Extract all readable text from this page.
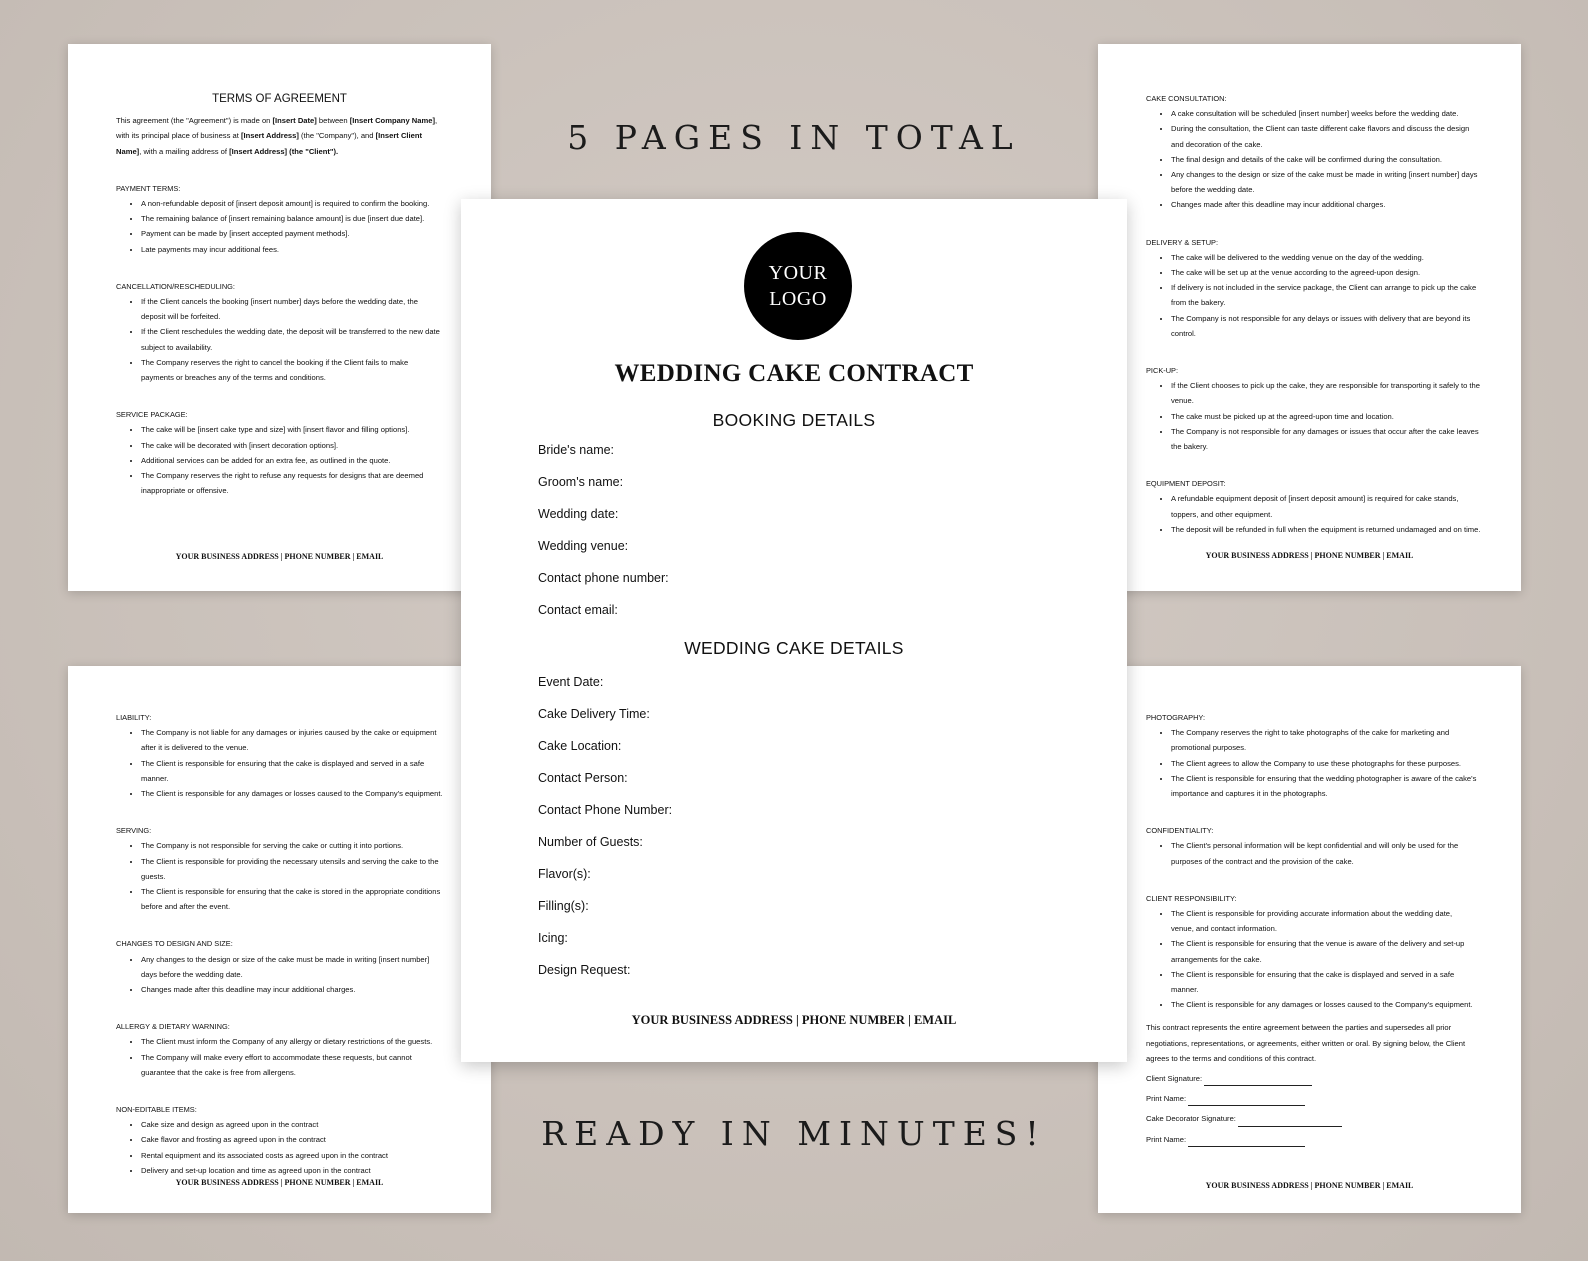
5 PAGES IN TOTAL
READY IN MINUTES!
TERMS OF AGREEMENT
This agreement (the "Agreement") is made on [Insert Date] between [Insert Company Name], with its principal place of business at [Insert Address] (the "Company"), and [Insert Client Name], with a mailing address of [Insert Address] (the "Client").
PAYMENT TERMS:
• A non-refundable deposit of [insert deposit amount] is required to confirm the booking.
• The remaining balance of [insert remaining balance amount] is due [insert due date].
• Payment can be made by [insert accepted payment methods].
• Late payments may incur additional fees.
CANCELLATION/RESCHEDULING:
• If the Client cancels the booking [insert number] days before the wedding date, the deposit will be forfeited.
• If the Client reschedules the wedding date, the deposit will be transferred to the new date subject to availability.
• The Company reserves the right to cancel the booking if the Client fails to make payments or breaches any of the terms and conditions.
SERVICE PACKAGE:
• The cake will be [insert cake type and size] with [insert flavor and filling options].
• The cake will be decorated with [insert decoration options].
• Additional services can be added for an extra fee, as outlined in the quote.
• The Company reserves the right to refuse any requests for designs that are deemed inappropriate or offensive.
YOUR BUSINESS ADDRESS | PHONE NUMBER | EMAIL
CAKE CONSULTATION:
• A cake consultation will be scheduled [insert number] weeks before the wedding date.
• During the consultation, the Client can taste different cake flavors and discuss the design and decoration of the cake.
• The final design and details of the cake will be confirmed during the consultation.
• Any changes to the design or size of the cake must be made in writing [insert number] days before the wedding date.
• Changes made after this deadline may incur additional charges.
DELIVERY & SETUP:
• The cake will be delivered to the wedding venue on the day of the wedding.
• The cake will be set up at the venue according to the agreed-upon design.
• If delivery is not included in the service package, the Client can arrange to pick up the cake from the bakery.
• The Company is not responsible for any delays or issues with delivery that are beyond its control.
PICK-UP:
• If the Client chooses to pick up the cake, they are responsible for transporting it safely to the venue.
• The cake must be picked up at the agreed-upon time and location.
• The Company is not responsible for any damages or issues that occur after the cake leaves the bakery.
EQUIPMENT DEPOSIT:
• A refundable equipment deposit of [insert deposit amount] is required for cake stands, toppers, and other equipment.
• The deposit will be refunded in full when the equipment is returned undamaged and on time.
YOUR BUSINESS ADDRESS | PHONE NUMBER | EMAIL
LIABILITY:
• The Company is not liable for any damages or injuries caused by the cake or equipment after it is delivered to the venue.
• The Client is responsible for ensuring that the cake is displayed and served in a safe manner.
• The Client is responsible for any damages or losses caused to the Company's equipment.
SERVING:
• The Company is not responsible for serving the cake or cutting it into portions.
• The Client is responsible for providing the necessary utensils and serving the cake to the guests.
• The Client is responsible for ensuring that the cake is stored in the appropriate conditions before and after the event.
CHANGES TO DESIGN AND SIZE:
• Any changes to the design or size of the cake must be made in writing [insert number] days before the wedding date.
• Changes made after this deadline may incur additional charges.
ALLERGY & DIETARY WARNING:
• The Client must inform the Company of any allergy or dietary restrictions of the guests.
• The Company will make every effort to accommodate these requests, but cannot guarantee that the cake is free from allergens.
NON-EDITABLE ITEMS:
• Cake size and design as agreed upon in the contract
• Cake flavor and frosting as agreed upon in the contract
• Rental equipment and its associated costs as agreed upon in the contract
• Delivery and set-up location and time as agreed upon in the contract
YOUR BUSINESS ADDRESS | PHONE NUMBER | EMAIL
PHOTOGRAPHY:
• The Company reserves the right to take photographs of the cake for marketing and promotional purposes.
• The Client agrees to allow the Company to use these photographs for these purposes.
• The Client is responsible for ensuring that the wedding photographer is aware of the cake's importance and captures it in the photographs.
CONFIDENTIALITY:
• The Client's personal information will be kept confidential and will only be used for the purposes of the contract and the provision of the cake.
CLIENT RESPONSIBILITY:
• The Client is responsible for providing accurate information about the wedding date, venue, and contact information.
• The Client is responsible for ensuring that the venue is aware of the delivery and set-up arrangements for the cake.
• The Client is responsible for ensuring that the cake is displayed and served in a safe manner.
• The Client is responsible for any damages or losses caused to the Company's equipment.
This contract represents the entire agreement between the parties and supersedes all prior negotiations, representations, or agreements, either written or oral. By signing below, the Client agrees to the terms and conditions of this contract.
Client Signature:
Print Name:
Cake Decorator Signature:
Print Name:
YOUR BUSINESS ADDRESS | PHONE NUMBER | EMAIL
YOUR
LOGO
WEDDING CAKE CONTRACT
BOOKING DETAILS
Bride's name:
Groom's name:
Wedding date:
Wedding venue:
Contact phone number:
Contact email:
WEDDING CAKE DETAILS
Event Date:
Cake Delivery Time:
Cake Location:
Contact Person:
Contact Phone Number:
Number of Guests:
Flavor(s):
Filling(s):
Icing:
Design Request:
YOUR BUSINESS ADDRESS | PHONE NUMBER | EMAIL
